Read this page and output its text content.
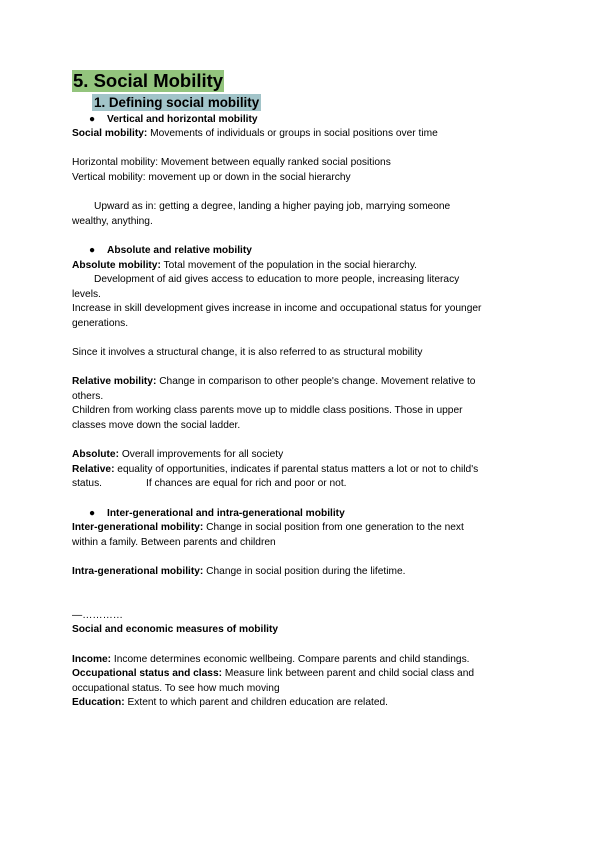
5. Social Mobility
1. Defining social mobility
● Vertical and horizontal mobility

Social mobility: Movements of individuals or groups in social positions over time

Horizontal mobility: Movement between equally ranked social positions

Vertical mobility: movement up or down in the social hierarchy

Upward as in: getting a degree, landing a higher paying job, marrying someone

wealthy, anything.

● Absolute and relative mobility

Absolute mobility: Total movement of the population in the social hierarchy.

Development of aid gives access to education to more people, increasing literacy

levels.

Increase in skill development gives increase in income and occupational status for younger

generations.

Since it involves a structural change, it is also referred to as structural mobility

Relative mobility: Change in comparison to other people's change. Movement relative to

others.

Children from working class parents move up to middle class positions. Those in upper

classes move down the social ladder.

Absolute: Overall improvements for all society

Relative: equality of opportunities, indicates if parental status matters a lot or not to child's

status.	If chances are equal for rich and poor or not.

● Inter-generational and intra-generational mobility

Inter-generational mobility: Change in social position from one generation to the next

within a family. Between parents and children

Intra-generational mobility: Change in social position during the lifetime.

—…………

Social and economic measures of mobility

Income: Income determines economic wellbeing. Compare parents and child standings.

Occupational status and class: Measure link between parent and child social class and

occupational status. To see how much moving

Education: Extent to which parent and children education are related.
